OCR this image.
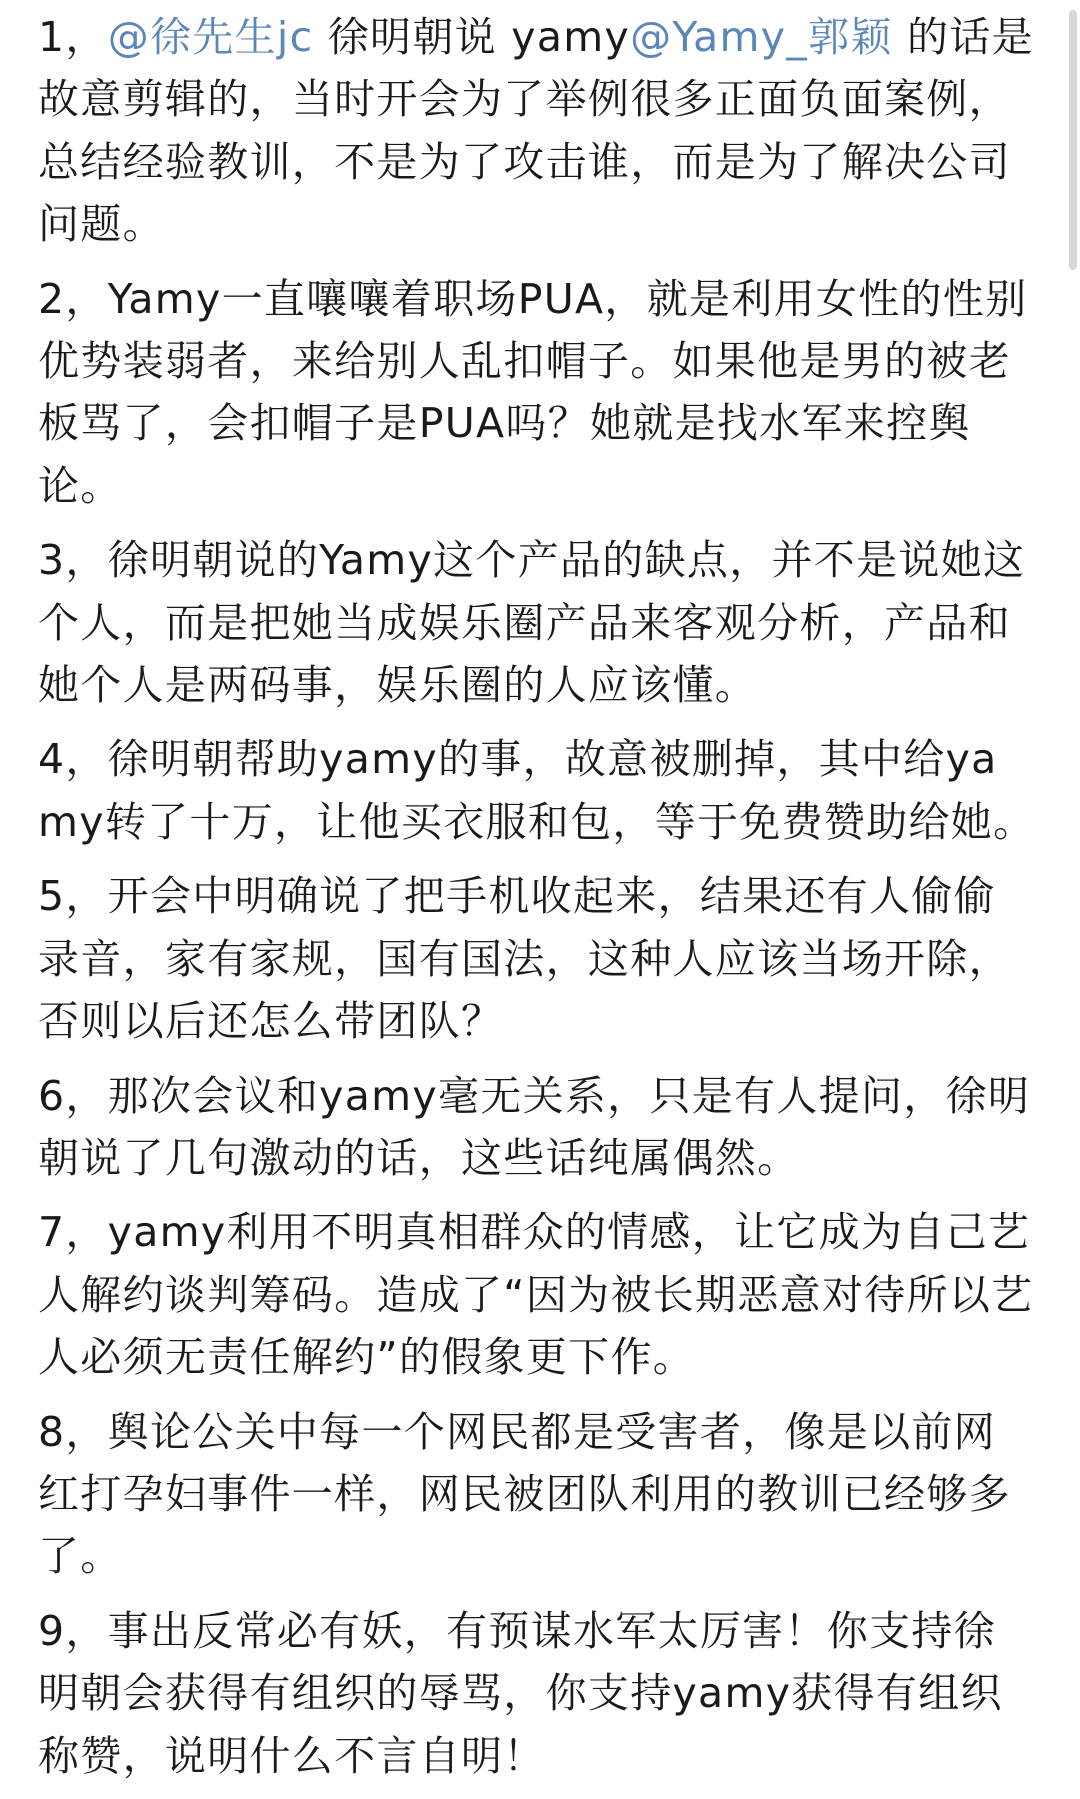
1，@徐先生jc 徐明朝说 yamy@Yamy_郭颖 的话是故意剪辑的，当时开会为了举例很多正面负面案例，总结经验教训，不是为了攻击谁，而是为了解决公司问题。

2，Yamy一直嚷嚷着职场PUA，就是利用女性的性别优势装弱者，来给别人乱扣帽子。如果他是男的被老板骂了，会扣帽子是PUA吗？她就是找水军来控舆论。

3，徐明朝说的Yamy这个产品的缺点，并不是说她这个人，而是把她当成娱乐圈产品来客观分析，产品和她个人是两码事，娱乐圈的人应该懂。

4，徐明朝帮助yamy的事，故意被删掉，其中给yamy转了十万，让他买衣服和包，等于免费赞助给她。

5，开会中明确说了把手机收起来，结果还有人偷偷录音，家有家规，国有国法，这种人应该当场开除，否则以后还怎么带团队？

6，那次会议和yamy毫无关系，只是有人提问，徐明朝说了几句激动的话，这些话纯属偶然。

7，yamy利用不明真相群众的情感，让它成为自己艺人解约谈判筹码。造成了“因为被长期恶意对待所以艺人必须无责任解约”的假象更下作。

8，舆论公关中每一个网民都是受害者，像是以前网红打孕妇事件一样，网民被团队利用的教训已经够多了。

9，事出反常必有妖，有预谋水军太厉害！你支持徐明朝会获得有组织的辱骂，你支持yamy获得有组织称赞，说明什么不言自明！
